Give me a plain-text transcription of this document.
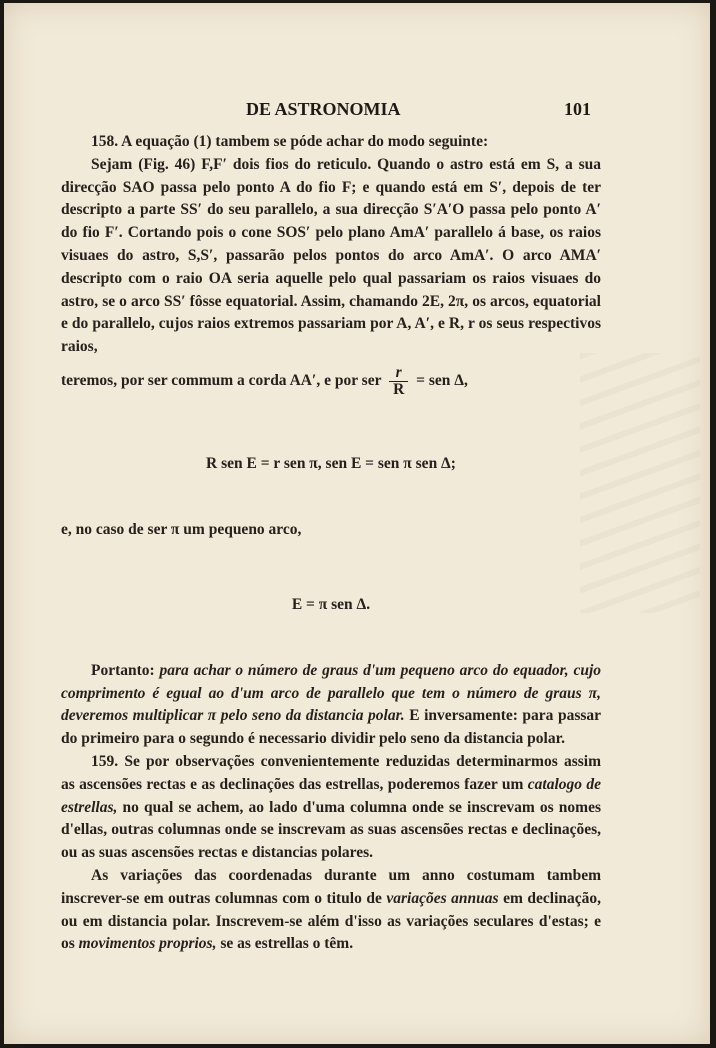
DE ASTRONOMIA	101

158. A equação (1) tambem se póde achar do modo seguinte:

Sejam (Fig. 46) F,F′ dois fios do reticulo. Quando o astro está em S, a sua direcção SAO passa pelo ponto A do fio F; e quando está em S′, depois de ter descripto a parte SS′ do seu parallelo, a sua direcção S′A′O passa pelo ponto A′ do fio F′. Cortando pois o cone SOS′ pelo plano AmA′ parallelo á base, os raios visuaes do astro, S,S′, passarão pelos pontos do arco AmA′. O arco AMA′ descripto com o raio OA seria aquelle pelo qual passariam os raios visuaes do astro, se o arco SS′ fôsse equatorial. Assim, chamando 2E, 2π, os arcos, equatorial e do parallelo, cujos raios extremos passariam por A, A′, e R, r os seus respectivos raios,

teremos, por ser commum a corda AA′, e por ser $\frac{r}{R}$ = sen Δ,

R sen E = r sen π, sen E = sen π sen Δ;

e, no caso de ser π um pequeno arco,

E = π sen Δ.

Portanto: para achar o número de graus d'um pequeno arco do equador, cujo comprimento é egual ao d'um arco de parallelo que tem o número de graus π, deveremos multiplicar π pelo seno da distancia polar. E inversamente: para passar do primeiro para o segundo é necessario dividir pelo seno da distancia polar.

159. Se por observações convenientemente reduzidas determinarmos assim as ascensões rectas e as declinações das estrellas, poderemos fazer um catalogo de estrellas, no qual se achem, ao lado d'uma columna onde se inscrevam os nomes d'ellas, outras columnas onde se inscrevam as suas ascensões rectas e declinações, ou as suas ascensões rectas e distancias polares.

As variações das coordenadas durante um anno costumam tambem inscrever-se em outras columnas com o titulo de variações annuas em declinação, ou em distancia polar. Inscrevem-se além d'isso as variações seculares d'estas; e os movimentos proprios, se as estrellas o têm.
